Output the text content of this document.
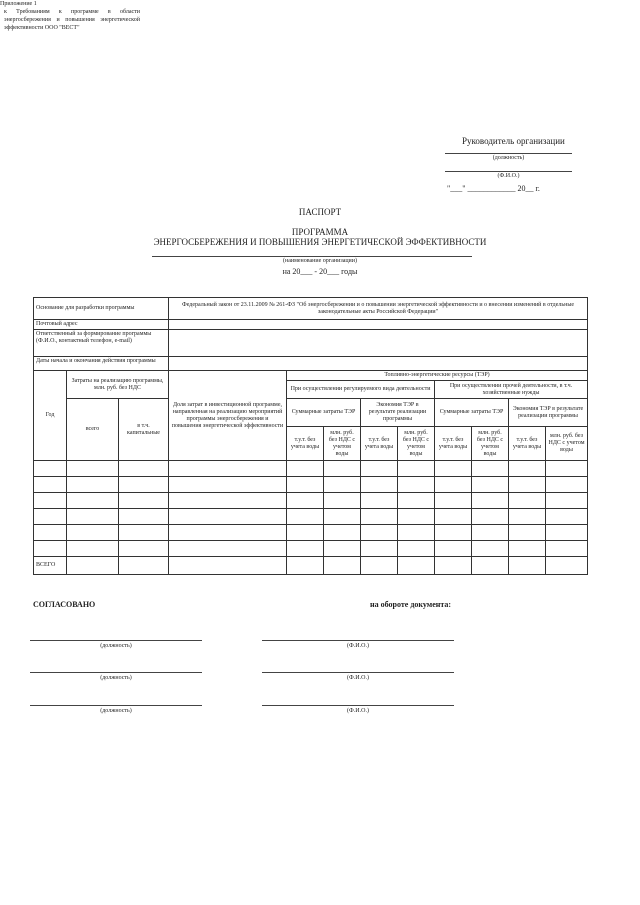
Приложение 1
к Требованиям к программе в области энергосбережения и повышения энергетической эффективности ООО "ВЕСТ"
Руководитель организации
(должность)
(Ф.И.О.)
"___" ____________ 20__ г.
ПАСПОРТ
ПРОГРАММА
ЭНЕРГОСБЕРЕЖЕНИЯ И ПОВЫШЕНИЯ ЭНЕРГЕТИЧЕСКОЙ ЭФФЕКТИВНОСТИ
(наименование организации)
на 20___ - 20___ годы
Основание для разработки программы			Федеральный закон от 23.11.2009 № 261-ФЗ "Об энергосбережении и о повышении энергетической эффективности и о внесении изменений в отдельные законодательные акты Российской Федерации"								
Почтовый адрес											
Ответственный за формирование программы (Ф.И.О., контактный телефон, e-mail)											
Даты начала и окончания действия программы											
Год	Затраты на реализацию программы, млн. руб. без НДС		Доля затрат в инвестиционной программе, направленная на реализацию мероприятий программы энергосбережения и повышения энергетической эффективности	Топливно-энергетические ресурсы (ТЭР)							
				При осуществлении регулируемого вида деятельности				При осуществлении прочей деятельности, в т.ч. хозяйственные нужды			
	всего	в т.ч. капитальные		Суммарные затраты ТЭР		Экономия ТЭР в результате реализации программы		Суммарные затраты ТЭР		Экономия ТЭР в результате реализации программы	
				т.у.т. без учета воды	млн. руб. без НДС с учетом воды	т.у.т. без учета воды	млн. руб. без НДС с учетом воды	т.у.т. без учета воды	млн. руб. без НДС с учетом воды	т.у.т. без учета воды	млн. руб. без НДС с учетом воды

ВСЕГО											
СОГЛАСОВАНО	на обороте документа:
(должность)	(Ф.И.О.)
(должность)	(Ф.И.О.)
(должность)	(Ф.И.О.)
